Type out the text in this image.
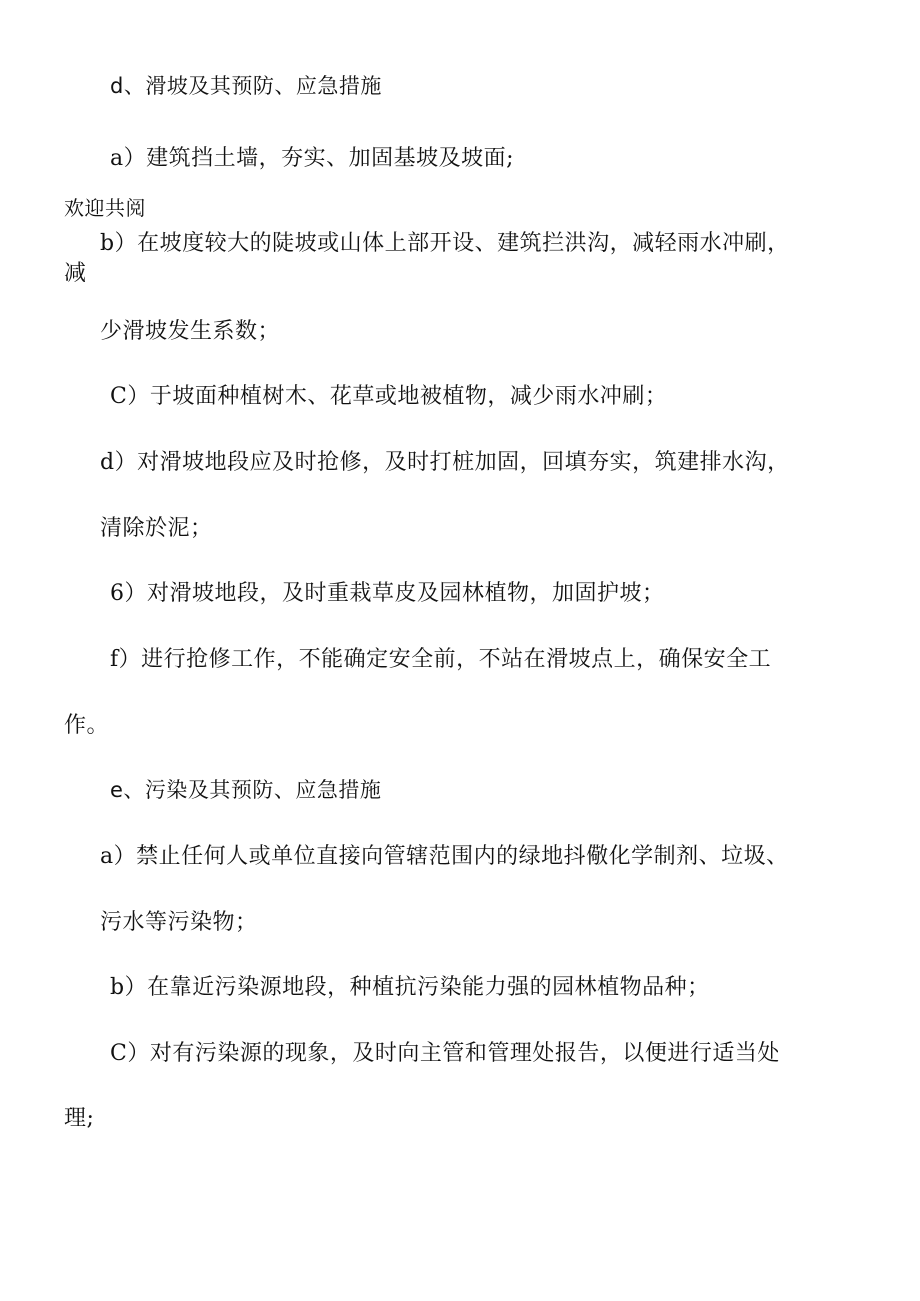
d、滑坡及其预防、应急措施
a）建筑挡土墙，夯实、加固基坡及坡面;
欢迎共阅
b）在坡度较大的陡坡或山体上部开设、建筑拦洪沟，减轻雨水冲刷，
减
少滑坡发生系数；
C）于坡面种植树木、花草或地被植物，减少雨水冲刷；
d）对滑坡地段应及时抢修，及时打桩加固，回填夯实，筑建排水沟，
清除於泥；
6）对滑坡地段，及时重栽草皮及园林植物，加固护坡；
f）进行抢修工作，不能确定安全前，不站在滑坡点上，确保安全工
作。
e、污染及其预防、应急措施
a）禁止任何人或单位直接向管辖范围内的绿地抖儆化学制剂、垃圾、
污水等污染物；
b）在靠近污染源地段，种植抗污染能力强的园林植物品种；
C）对有污染源的现象，及时向主管和管理处报告，以便进行适当处
理;
